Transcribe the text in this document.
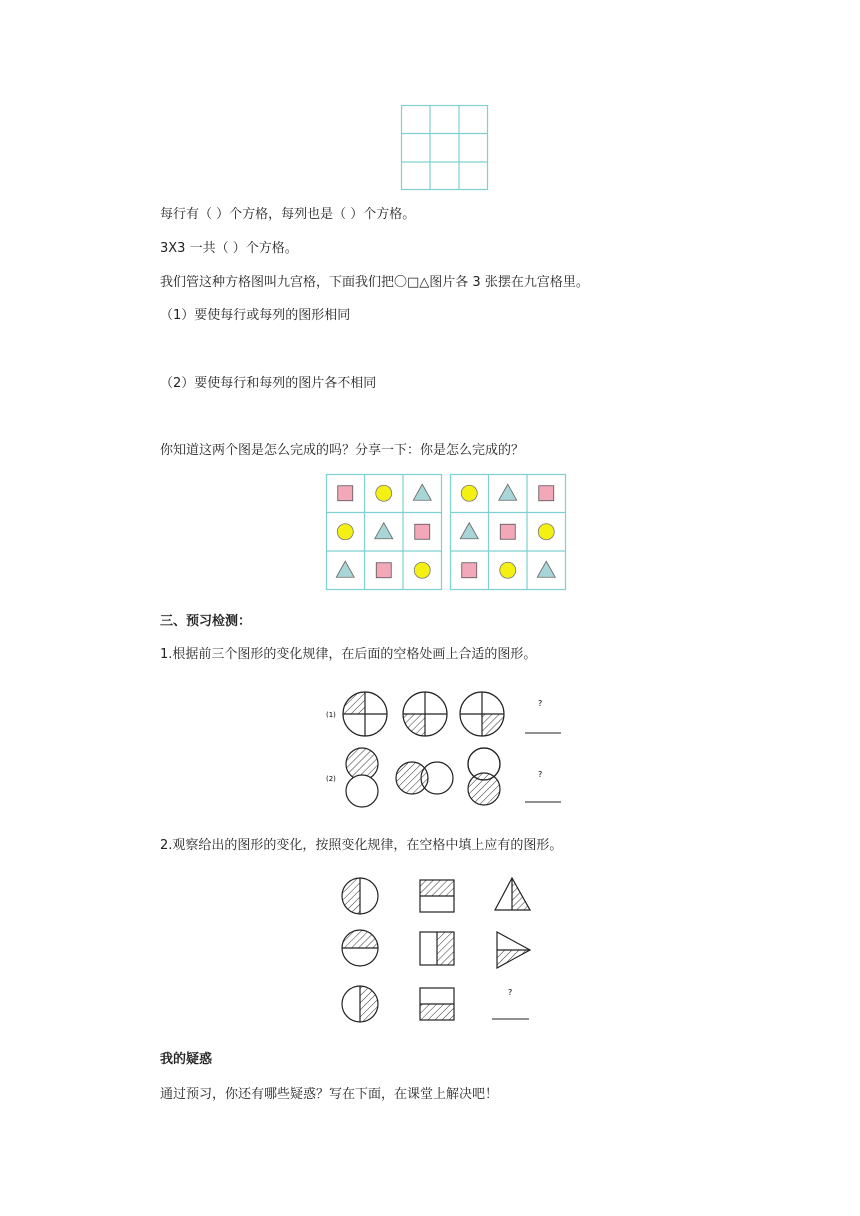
每行有（ ）个方格，每列也是（ ）个方格。
3X3 一共（ ）个方格。
我们管这种方格图叫九宫格，下面我们把〇□△图片各 3 张摆在九宫格里。
（1）要使每行或每列的图形相同
（2）要使每行和每列的图片各不相同
你知道这两个图是怎么完成的吗？分享一下：你是怎么完成的？
三、预习检测：
1.根据前三个图形的变化规律，在后面的空格处画上合适的图形。
(1)
?
(2)	?
2.观察给出的图形的变化，按照变化规律，在空格中填上应有的图形。
?
我的疑惑
通过预习，你还有哪些疑惑？写在下面，在课堂上解决吧！
